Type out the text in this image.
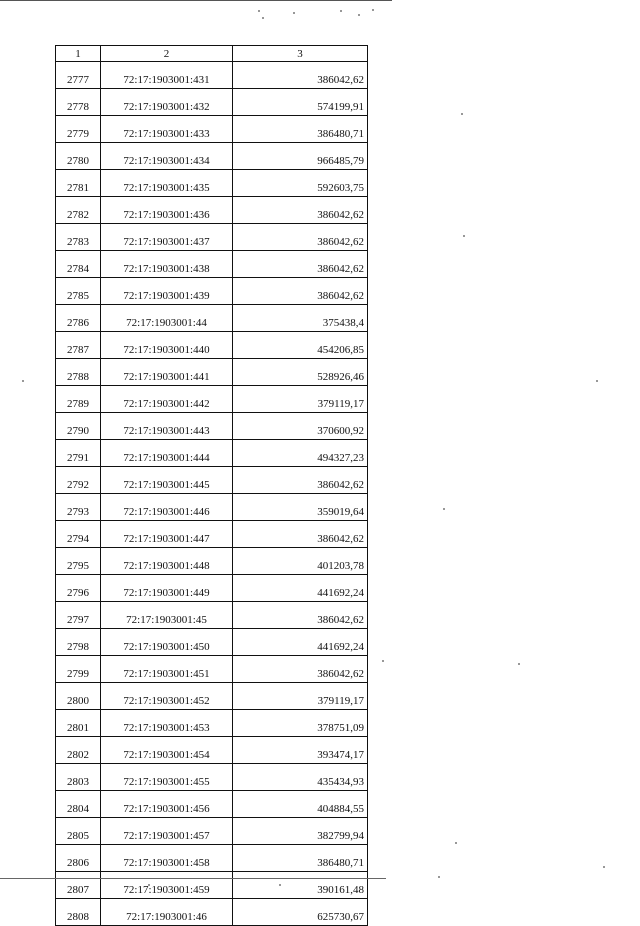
1	2	3
2777	72:17:1903001:431	386042,62
2778	72:17:1903001:432	574199,91
2779	72:17:1903001:433	386480,71
2780	72:17:1903001:434	966485,79
2781	72:17:1903001:435	592603,75
2782	72:17:1903001:436	386042,62
2783	72:17:1903001:437	386042,62
2784	72:17:1903001:438	386042,62
2785	72:17:1903001:439	386042,62
2786	72:17:1903001:44	375438,4
2787	72:17:1903001:440	454206,85
2788	72:17:1903001:441	528926,46
2789	72:17:1903001:442	379119,17
2790	72:17:1903001:443	370600,92
2791	72:17:1903001:444	494327,23
2792	72:17:1903001:445	386042,62
2793	72:17:1903001:446	359019,64
2794	72:17:1903001:447	386042,62
2795	72:17:1903001:448	401203,78
2796	72:17:1903001:449	441692,24
2797	72:17:1903001:45	386042,62
2798	72:17:1903001:450	441692,24
2799	72:17:1903001:451	386042,62
2800	72:17:1903001:452	379119,17
2801	72:17:1903001:453	378751,09
2802	72:17:1903001:454	393474,17
2803	72:17:1903001:455	435434,93
2804	72:17:1903001:456	404884,55
2805	72:17:1903001:457	382799,94
2806	72:17:1903001:458	386480,71
2807	72:17:1903001:459	390161,48
2808	72:17:1903001:46	625730,67
